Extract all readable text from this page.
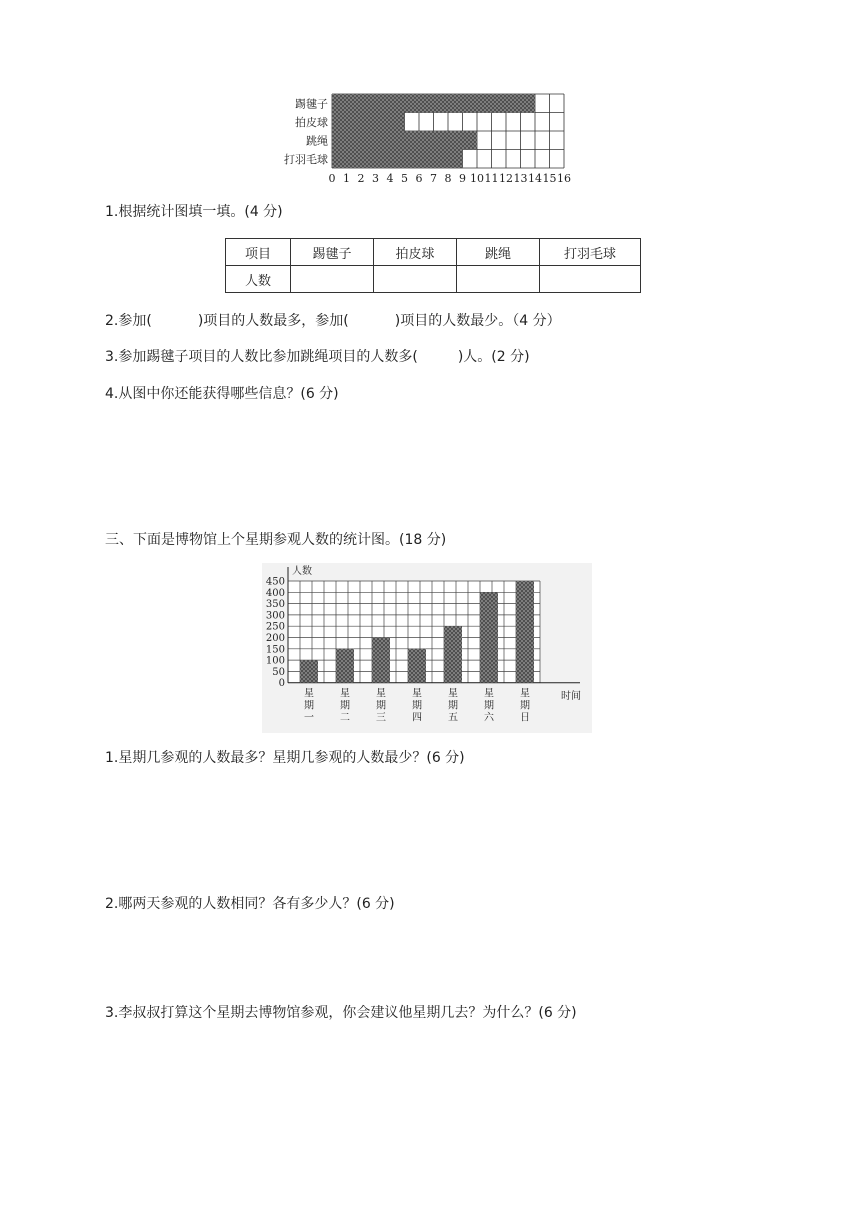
踢毽子
拍皮球
跳绳
打羽毛球
0 1 2 3 4 5 6 7 8 9 10 11 12 13 14 15 16
1.根据统计图填一填。(4 分)
项目	踢毽子	拍皮球	跳绳	打羽毛球
人数				
2.参加(	)项目的人数最多，参加(	)项目的人数最少。（4 分）
3.参加踢毽子项目的人数比参加跳绳项目的人数多(	)人。(2 分)
4.从图中你还能获得哪些信息？(6 分)
三、下面是博物馆上个星期参观人数的统计图。(18 分)
0
50
100
150
200
250
300
350
400
450
星
期
一
星
期
二
星
期
三
星
期
四
星
期
五
星
期
六
星
期
日
人数
时间
1.星期几参观的人数最多？星期几参观的人数最少？(6 分)
2.哪两天参观的人数相同？各有多少人？(6 分)
3.李叔叔打算这个星期去博物馆参观，你会建议他星期几去？为什么？(6 分)
